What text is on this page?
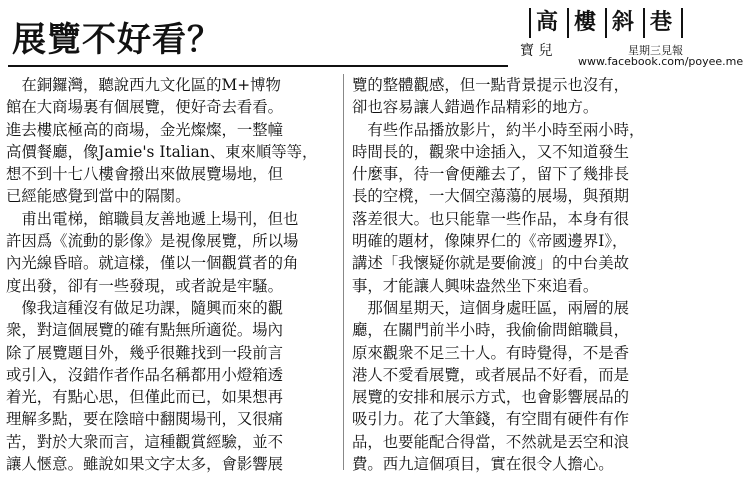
展覽不好看？	高 樓 斜 巷
寶 兒	星期三見報
www.facebook.com/poyee.me

　在銅鑼灣，聽說西九文化區的M+博物

館在大商場裏有個展覽，便好奇去看看。

進去樓底極高的商場，金光燦燦，一整幢

高價餐廳，像Jamie's Italian、東來順等等，

想不到十七八樓會撥出來做展覽場地，但

已經能感覺到當中的隔閡。

　甫出電梯，館職員友善地遞上場刊，但也

許因爲《流動的影像》是視像展覽，所以場

內光線昏暗。就這樣，僅以一個觀賞者的角

度出發，卻有一些發現，或者說是牢騷。

　像我這種沒有做足功課，隨興而來的觀

衆，對這個展覽的確有點無所適從。場內

除了展覽題目外，幾乎很難找到一段前言

或引入，沒錯作者作品名稱都用小燈箱透

着光，有點心思，但僅此而已，如果想再

理解多點，要在陰暗中翻閱場刊，又很痛

苦，對於大衆而言，這種觀賞經驗，並不

讓人愜意。雖說如果文字太多，會影響展

覽的整體觀感，但一點背景提示也沒有，

卻也容易讓人錯過作品精彩的地方。

　有些作品播放影片，約半小時至兩小時，

時間長的，觀衆中途插入，又不知道發生

什麼事，待一會便離去了，留下了幾排長

長的空櫈，一大個空蕩蕩的展場，與預期

落差很大。也只能靠一些作品，本身有很

明確的題材，像陳界仁的《帝國邊界I》，

講述「我懷疑你就是要偷渡」的中台美故

事，才能讓人興味盎然坐下來追看。

　那個星期天，這個身處旺區，兩層的展

廳，在關門前半小時，我偷偷問館職員，

原來觀衆不足三十人。有時覺得，不是香

港人不愛看展覽，或者展品不好看，而是

展覽的安排和展示方式，也會影響展品的

吸引力。花了大筆錢，有空間有硬件有作

品，也要能配合得當，不然就是丟空和浪

費。西九這個項目，實在很令人擔心。
